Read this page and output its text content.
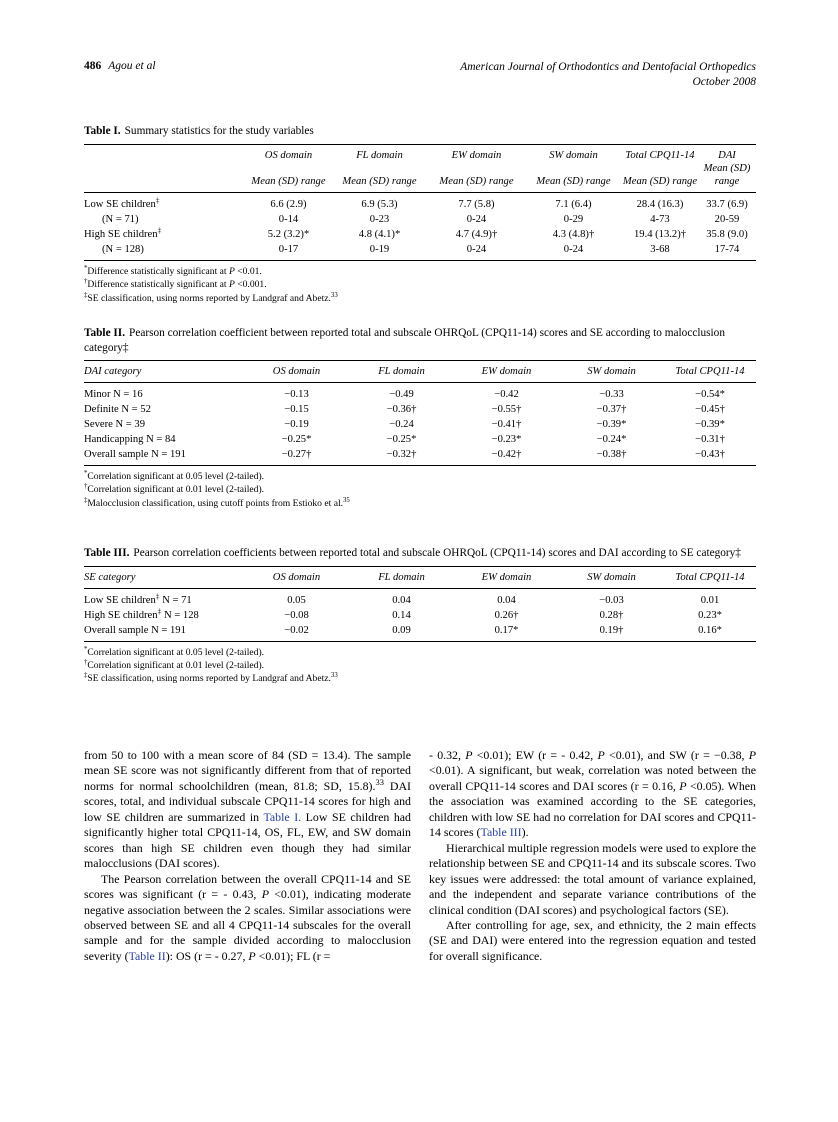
486 Agou et al	American Journal of Orthodontics and Dentofacial Orthopedics
October 2008
Table I. Summary statistics for the study variables
	OS domain	FL domain	EW domain	SW domain	Total CPQ11-14	DAI
	Mean (SD) range	Mean (SD) range	Mean (SD) range	Mean (SD) range	Mean (SD) range	Mean (SD) range
Low SE children‡	6.6 (2.9)	6.9 (5.3)	7.7 (5.8)	7.1 (6.4)	28.4 (16.3)	33.7 (6.9)
(N = 71)	0-14	0-23	0-24	0-29	4-73	20-59
High SE children‡	5.2 (3.2)*	4.8 (4.1)*	4.7 (4.9)†	4.3 (4.8)†	19.4 (13.2)†	35.8 (9.0)
(N = 128)	0-17	0-19	0-24	0-24	3-68	17-74
*Difference statistically significant at P <0.01.
†Difference statistically significant at P <0.001.
‡SE classification, using norms reported by Landgraf and Abetz.$^{33}$
Table II. Pearson correlation coefficient between reported total and subscale OHRQoL (CPQ11-14) scores and SE according to malocclusion category‡
DAI category	OS domain	FL domain	EW domain	SW domain	Total CPQ11-14
Minor N = 16	−0.13	−0.49	−0.42	−0.33	−0.54*
Definite N = 52	−0.15	−0.36†	−0.55†	−0.37†	−0.45†
Severe N = 39	−0.19	−0.24	−0.41†	−0.39*	−0.39*
Handicapping N = 84	−0.25*	−0.25*	−0.23*	−0.24*	−0.31†
Overall sample N = 191	−0.27†	−0.32†	−0.42†	−0.38†	−0.43†
*Correlation significant at 0.05 level (2-tailed).
†Correlation significant at 0.01 level (2-tailed).
‡Malocclusion classification, using cutoff points from Estioko et al.$^{35}$
Table III. Pearson correlation coefficients between reported total and subscale OHRQoL (CPQ11-14) scores and DAI according to SE category‡
SE category	OS domain	FL domain	EW domain	SW domain	Total CPQ11-14
Low SE children‡ N = 71	0.05	0.04	0.04	−0.03	0.01
High SE children‡ N = 128	−0.08	0.14	0.26†	0.28†	0.23*
Overall sample N = 191	−0.02	0.09	0.17*	0.19†	0.16*
*Correlation significant at 0.05 level (2-tailed).
†Correlation significant at 0.01 level (2-tailed).
‡SE classification, using norms reported by Landgraf and Abetz.$^{33}$

from 50 to 100 with a mean score of 84 (SD = 13.4). The sample mean SE score was not significantly different from that of reported norms for normal schoolchildren (mean, 81.8; SD, 15.8).$^{33}$ DAI scores, total, and individual subscale CPQ11-14 scores for high and low SE children are summarized in Table I. Low SE children had significantly higher total CPQ11-14, OS, FL, EW, and SW domain scores than high SE children even though they had similar malocclusions (DAI scores).

The Pearson correlation between the overall CPQ11-14 and SE scores was significant (r = - 0.43, P <0.01), indicating moderate negative association between the 2 scales. Similar associations were observed between SE and all 4 CPQ11-14 subscales for the overall sample and for the sample divided according to malocclusion severity (Table II): OS (r = - 0.27, P <0.01); FL (r =

- 0.32, P <0.01); EW (r = - 0.42, P <0.01), and SW (r = −0.38, P <0.01). A significant, but weak, correlation was noted between the overall CPQ11-14 scores and DAI scores (r = 0.16, P <0.05). When the association was examined according to the SE categories, children with low SE had no correlation for DAI scores and CPQ11-14 scores (Table III).

Hierarchical multiple regression models were used to explore the relationship between SE and CPQ11-14 and its subscale scores. Two key issues were addressed: the total amount of variance explained, and the independent and separate variance contributions of the clinical condition (DAI scores) and psychological factors (SE).

After controlling for age, sex, and ethnicity, the 2 main effects (SE and DAI) were entered into the regression equation and tested for overall significance.
